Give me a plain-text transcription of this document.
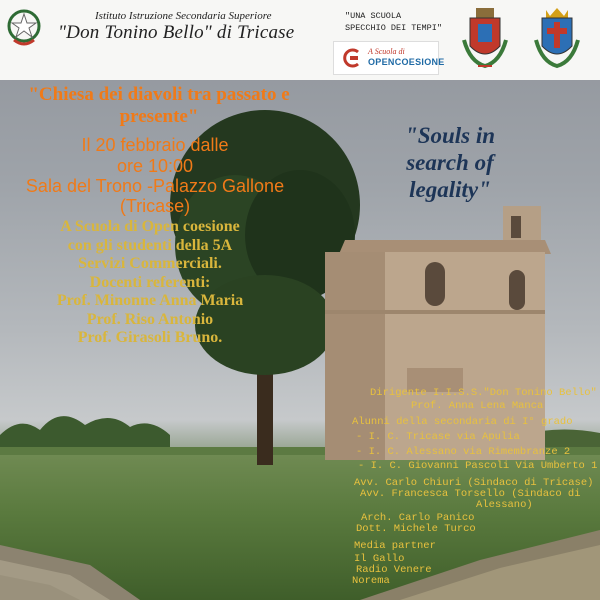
Istituto Istruzione Secondaria Superiore
"Don Tonino Bello" di Tricase
"UNA SCUOLA
SPECCHIO DEI TEMPI"
A Scuola di
OPENCOESIONE
"Chiesa dei diavoli tra passato e presente"
Il 20 febbraio dalle
ore 10:00
Sala del Trono -Palazzo Gallone
(Tricase)
A Scuola di Open coesione
con gli studenti della 5A
Servizi Commerciali.
Docenti referenti:
Prof. Minonne Anna Maria
Prof. Riso Antonio
Prof. Girasoli Bruno.
"Souls in
search of
legality"
Dirigente I.I.S.S."Don Tonino Bello"
Prof. Anna Lena Manca
Alunni della secondaria di I° grado
- I. C. Tricase via Apulia
- I. C. Alessano via Rimembranze 2
- I. C. Giovanni Pascoli Via Umberto 1
Avv. Carlo Chiuri (Sindaco di Tricase)
Avv. Francesca Torsello (Sindaco di
Alessano)
Arch. Carlo Panico
Dott. Michele Turco
Media partner
Il Gallo
Radio Venere
Norema
